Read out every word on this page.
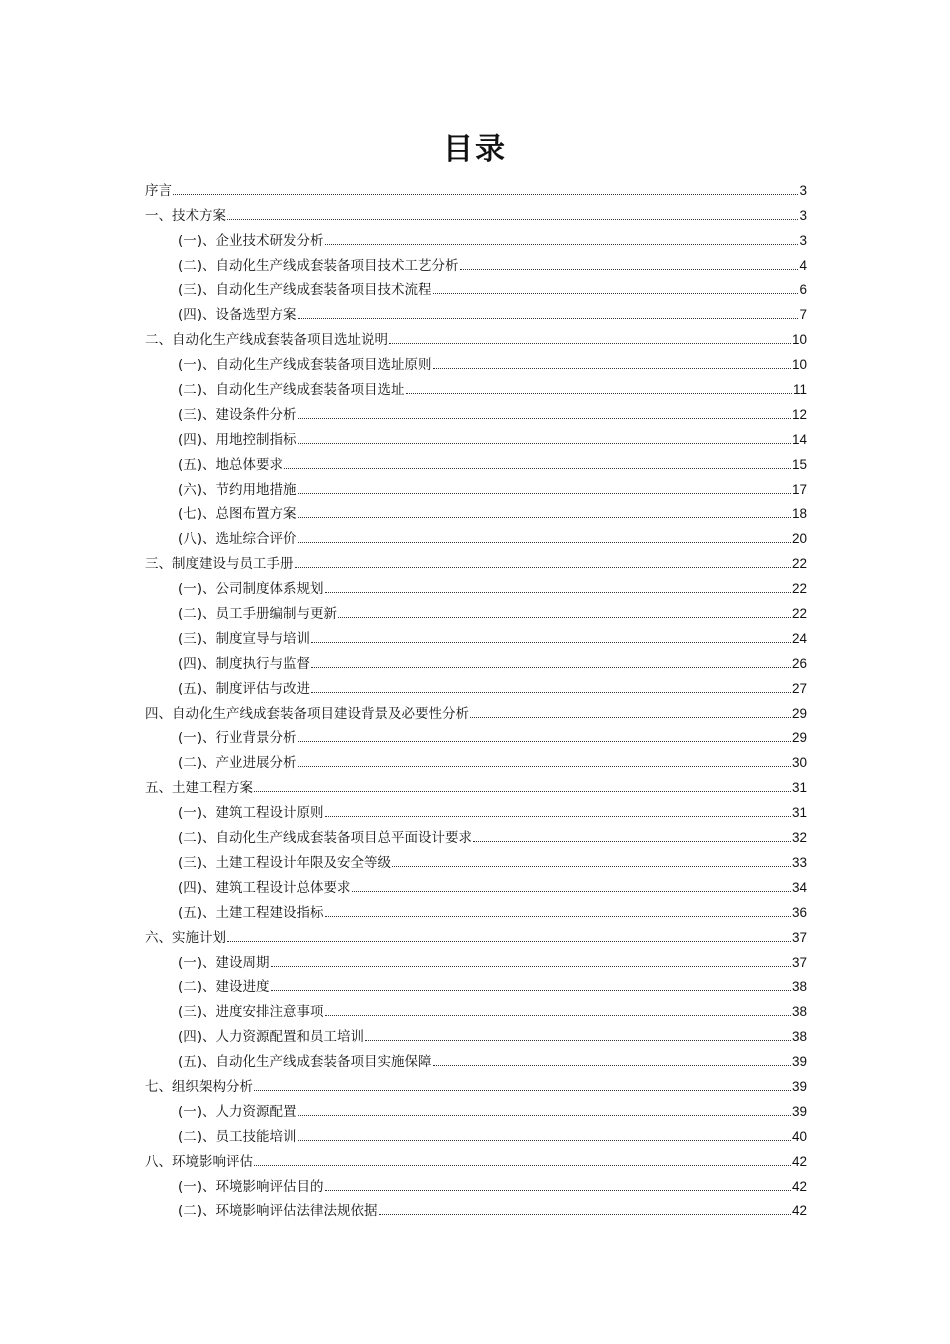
目录
序言	3
一、技术方案	3
(一)、企业技术研发分析	3
(二)、自动化生产线成套装备项目技术工艺分析	4
(三)、自动化生产线成套装备项目技术流程	6
(四)、设备选型方案	7
二、自动化生产线成套装备项目选址说明	10
(一)、自动化生产线成套装备项目选址原则	10
(二)、自动化生产线成套装备项目选址	11
(三)、建设条件分析	12
(四)、用地控制指标	14
(五)、地总体要求	15
(六)、节约用地措施	17
(七)、总图布置方案	18
(八)、选址综合评价	20
三、制度建设与员工手册	22
(一)、公司制度体系规划	22
(二)、员工手册编制与更新	22
(三)、制度宣导与培训	24
(四)、制度执行与监督	26
(五)、制度评估与改进	27
四、自动化生产线成套装备项目建设背景及必要性分析	29
(一)、行业背景分析	29
(二)、产业进展分析	30
五、土建工程方案	31
(一)、建筑工程设计原则	31
(二)、自动化生产线成套装备项目总平面设计要求	32
(三)、土建工程设计年限及安全等级	33
(四)、建筑工程设计总体要求	34
(五)、土建工程建设指标	36
六、实施计划	37
(一)、建设周期	37
(二)、建设进度	38
(三)、进度安排注意事项	38
(四)、人力资源配置和员工培训	38
(五)、自动化生产线成套装备项目实施保障	39
七、组织架构分析	39
(一)、人力资源配置	39
(二)、员工技能培训	40
八、环境影响评估	42
(一)、环境影响评估目的	42
(二)、环境影响评估法律法规依据	42
